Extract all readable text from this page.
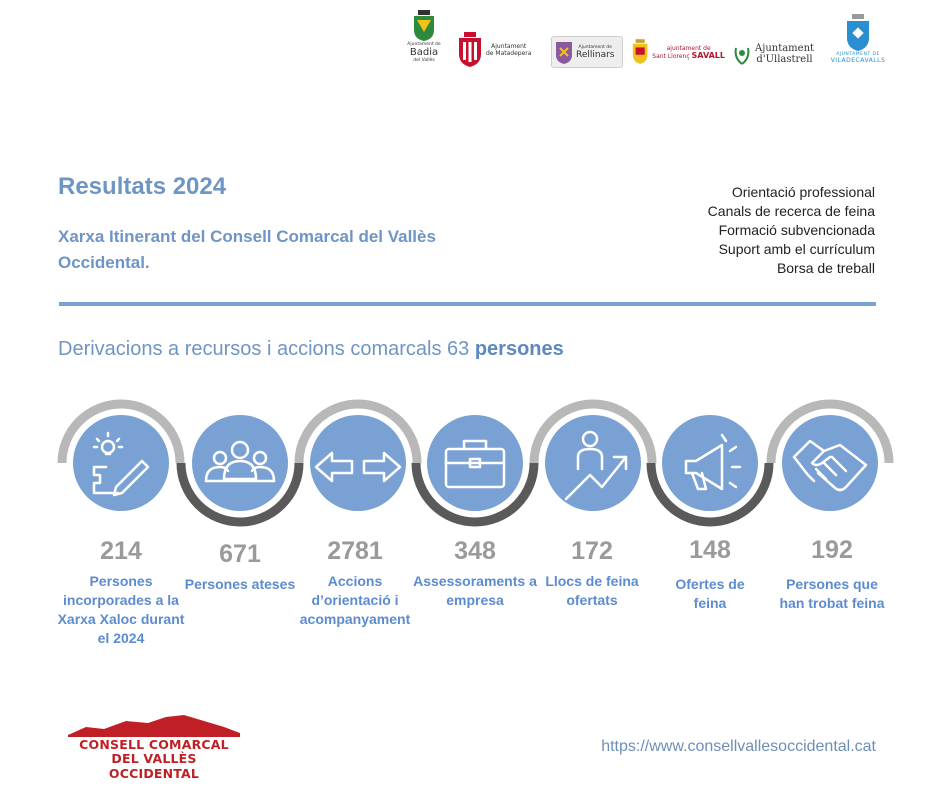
Ajuntament de
Badia
del Vallès
Ajuntament
de Matadepera
Ajuntament de
Rellinars
ajuntament de
Sant Llorenç SAVALL
Ajuntament
d'Ullastrell	AJUNTAMENT DE
VILADECAVALLS
Resultats 2024
Xarxa Itinerant del Consell Comarcal del Vallès Occidental.
Orientació professional
Canals de recerca de feina
Formació subvencionada
Suport amb el currículum
Borsa de treball
Derivacions a recursos i accions comarcals 63 persones
214
Persones incorporades a la Xarxa Xaloc durant el 2024
671
Persones ateses
2781
Accions d’orientació i acompanyament
348
Assessoraments a empresa
172
Llocs de feina ofertats
148
Ofertes de feina
192
Persones que han trobat feina
CONSELL COMARCAL
DEL VALLÈS OCCIDENTAL
https://www.consellvallesoccidental.cat
